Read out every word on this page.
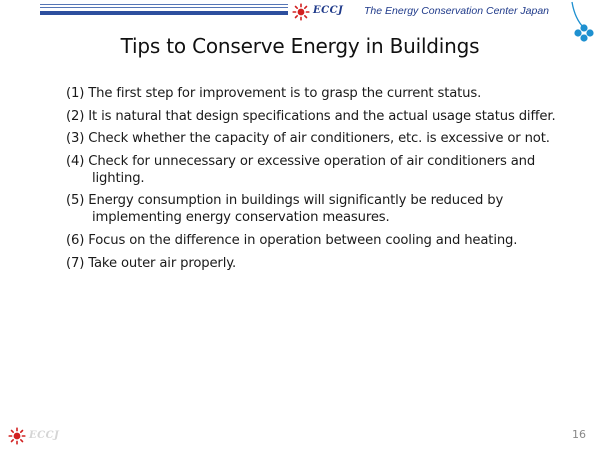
ECCJ The Energy Conservation Center Japan
Tips to Conserve Energy in Buildings
(1) The first step for improvement is to grasp the current status.
(2) It is natural that design specifications and the actual usage status differ.
(3) Check whether the capacity of air conditioners, etc. is excessive or not.
(4) Check for unnecessary or excessive operation of air conditioners and lighting.
(5) Energy consumption in buildings will significantly be reduced by implementing energy conservation measures.
(6) Focus on the difference in operation between cooling and heating.
(7) Take outer air properly.
ECCJ	16
